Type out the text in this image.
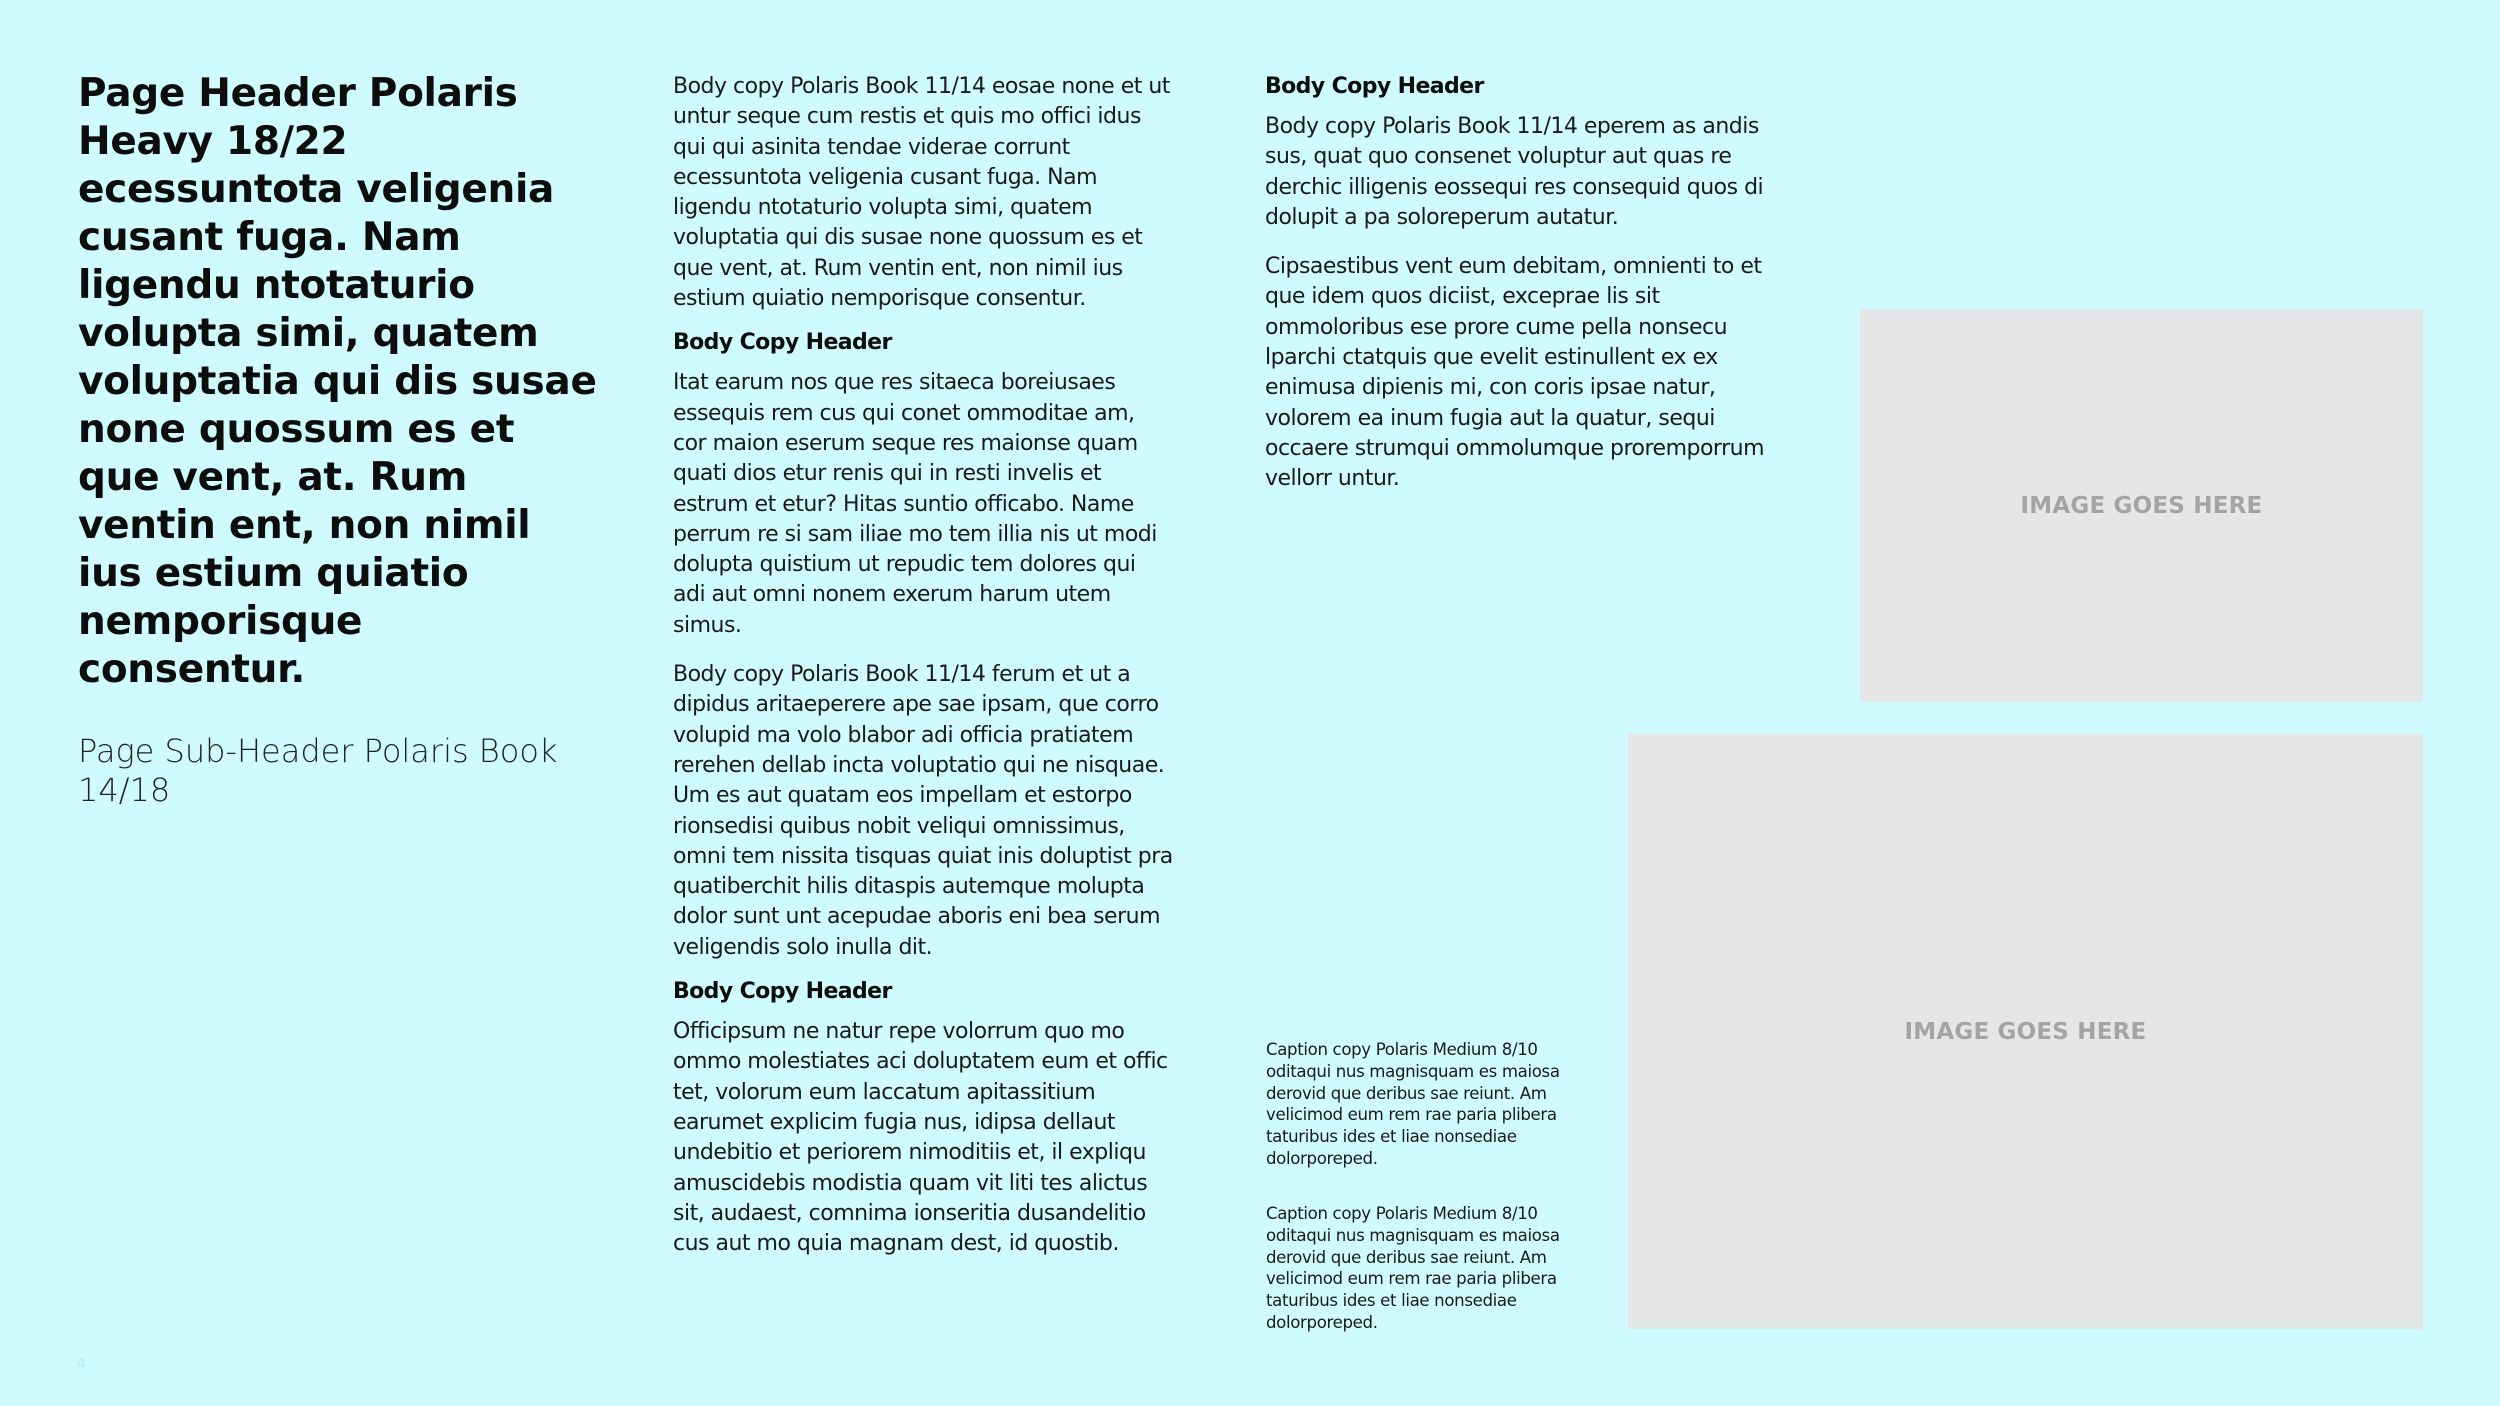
Page Header Polaris Heavy 18/22 ecessuntota veligenia cusant fuga. Nam ligendu ntotaturio volupta simi, quatem voluptatia qui dis susae none quossum es et que vent, at. Rum ventin ent, non nimil ius estium quiatio nemporisque consentur.

Page Sub-Header Polaris Book 14/18

Body copy Polaris Book 11/14 eosae none et ut untur seque cum restis et quis mo offici idus qui qui asinita tendae viderae corrunt ecessuntota veligenia cusant fuga. Nam ligendu ntotaturio volupta simi, quatem voluptatia qui dis susae none quossum es et que vent, at. Rum ventin ent, non nimil ius estium quiatio nemporisque consentur.

Body Copy Header

Itat earum nos que res sitaeca boreiusaes essequis rem cus qui conet ommoditae am, cor maion eserum seque res maionse quam quati dios etur renis qui in resti invelis et estrum et etur? Hitas suntio officabo. Name perrum re si sam iliae mo tem illia nis ut modi dolupta quistium ut repudic tem dolores qui adi aut omni nonem exerum harum utem simus.

Body copy Polaris Book 11/14 ferum et ut a dipidus aritaeperere ape sae ipsam, que corro volupid ma volo blabor adi officia pratiatem rerehen dellab incta voluptatio qui ne nisquae. Um es aut quatam eos impellam et estorpo rionsedisi quibus nobit veliqui omnissimus, omni tem nissita tisquas quiat inis doluptist pra quatiberchit hilis ditaspis autemque molupta dolor sunt unt acepudae aboris eni bea serum veligendis solo inulla dit.

Body Copy Header

Officipsum ne natur repe volorrum quo mo ommo molestiates aci doluptatem eum et offic tet, volorum eum laccatum apitassitium earumet explicim fugia nus, idipsa dellaut undebitio et periorem nimoditiis et, il expliqu amuscidebis modistia quam vit liti tes alictus sit, audaest, comnima ionseritia dusandelitio cus aut mo quia magnam dest, id quostib.

Body Copy Header

Body copy Polaris Book 11/14 eperem as andis sus, quat quo consenet voluptur aut quas re derchic illigenis eossequi res consequid quos di dolupit a pa soloreperum autatur.

Cipsaestibus vent eum debitam, omnienti to et que idem quos diciist, exceprae lis sit ommoloribus ese prore cume pella nonsecu lparchi ctatquis que evelit estinullent ex ex enimusa dipienis mi, con coris ipsae natur, volorem ea inum fugia aut la quatur, sequi occaere strumqui ommolumque proremporrum vellorr untur.

Caption copy Polaris Medium 8/10 oditaqui nus magnisquam es maiosa derovid que deribus sae reiunt. Am velicimod eum rem rae paria plibera taturibus ides et liae nonsediae dolorporeped.

Caption copy Polaris Medium 8/10 oditaqui nus magnisquam es maiosa derovid que deribus sae reiunt. Am velicimod eum rem rae paria plibera taturibus ides et liae nonsediae dolorporeped.

IMAGE GOES HERE
IMAGE GOES HERE
4
